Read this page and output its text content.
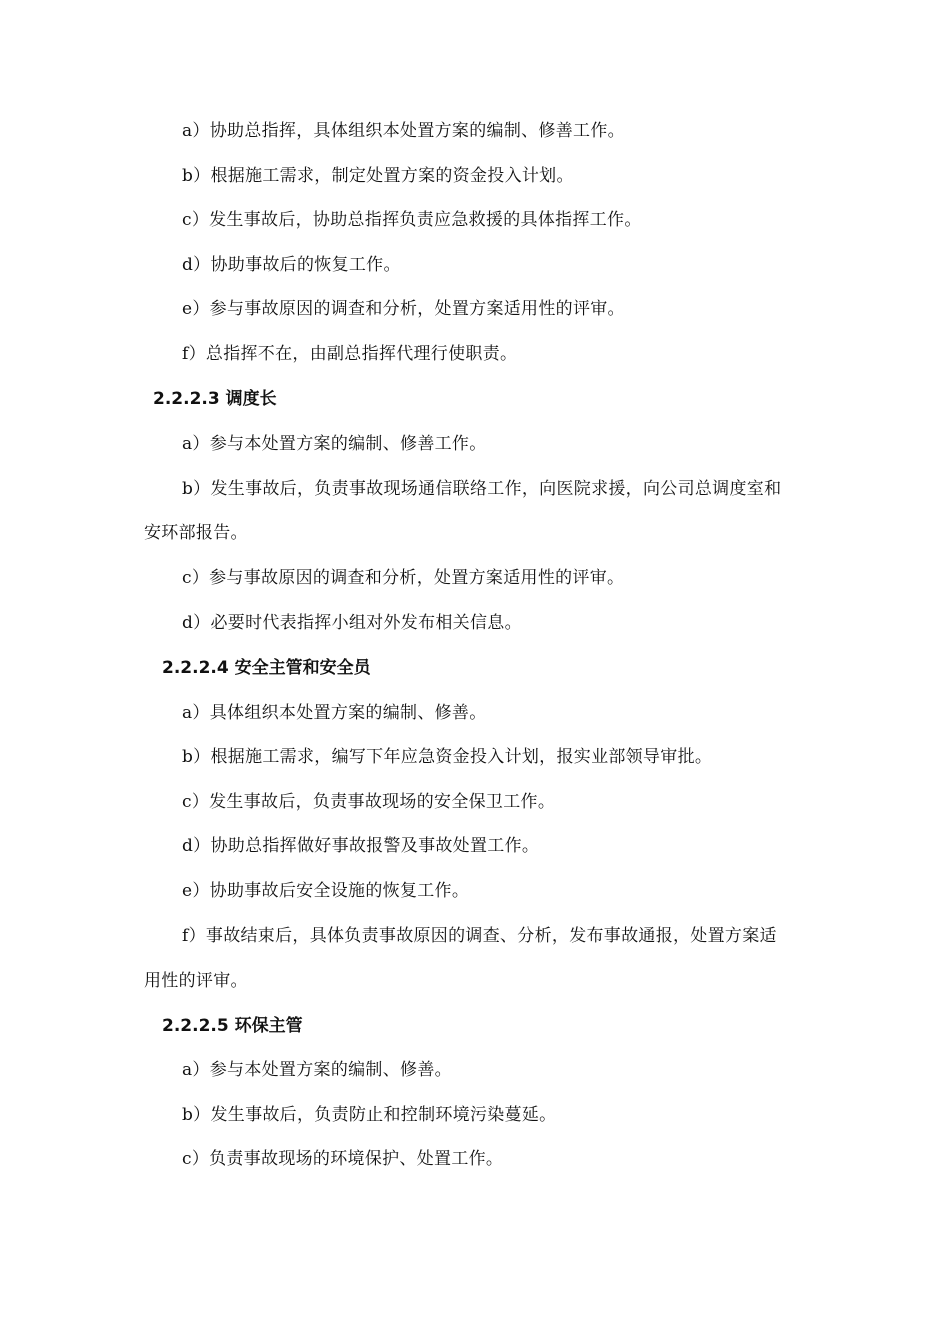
a）协助总指挥，具体组织本处置方案的编制、修善工作。
b）根据施工需求，制定处置方案的资金投入计划。
c）发生事故后，协助总指挥负责应急救援的具体指挥工作。
d）协助事故后的恢复工作。
e）参与事故原因的调查和分析，处置方案适用性的评审。
f）总指挥不在，由副总指挥代理行使职责。
2.2.2.3 调度长
a）参与本处置方案的编制、修善工作。
b）发生事故后，负责事故现场通信联络工作，向医院求援，向公司总调度室和
安环部报告。
c）参与事故原因的调查和分析，处置方案适用性的评审。
d）必要时代表指挥小组对外发布相关信息。
2.2.2.4 安全主管和安全员
a）具体组织本处置方案的编制、修善。
b）根据施工需求，编写下年应急资金投入计划，报实业部领导审批。
c）发生事故后，负责事故现场的安全保卫工作。
d）协助总指挥做好事故报警及事故处置工作。
e）协助事故后安全设施的恢复工作。
f）事故结束后，具体负责事故原因的调查、分析，发布事故通报，处置方案适
用性的评审。
2.2.2.5 环保主管
a）参与本处置方案的编制、修善。
b）发生事故后，负责防止和控制环境污染蔓延。
c）负责事故现场的环境保护、处置工作。
